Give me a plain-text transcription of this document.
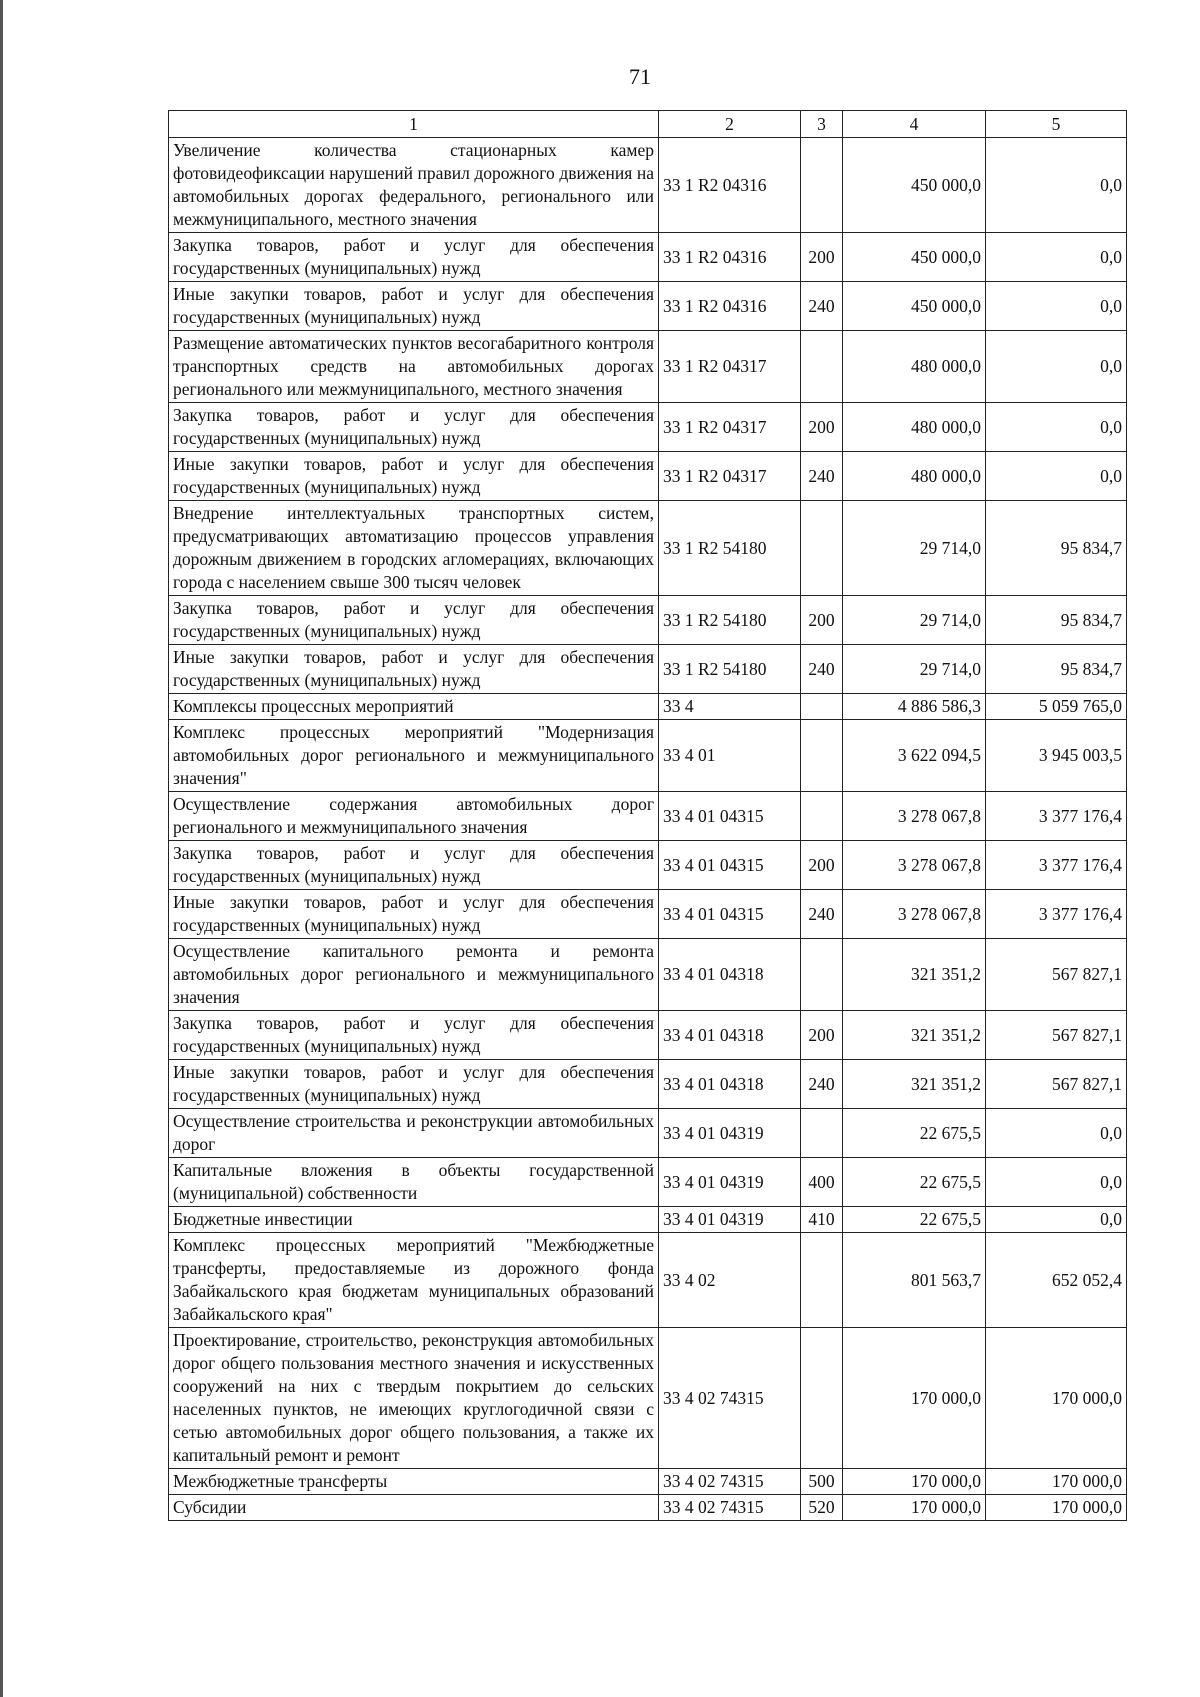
71
1	2	3	4	5
Увеличение количества стационарных камер фотовидеофиксации нарушений правил дорожного движения на автомобильных дорогах федерального, регионального или межмуниципального, местного значения	33 1 R2 04316		450 000,0	0,0
Закупка товаров, работ и услуг для обеспечения государственных (муниципальных) нужд	33 1 R2 04316	200	450 000,0	0,0
Иные закупки товаров, работ и услуг для обеспечения государственных (муниципальных) нужд	33 1 R2 04316	240	450 000,0	0,0
Размещение автоматических пунктов весогабаритного контроля транспортных средств на автомобильных дорогах регионального или межмуниципального, местного значения	33 1 R2 04317		480 000,0	0,0
Закупка товаров, работ и услуг для обеспечения государственных (муниципальных) нужд	33 1 R2 04317	200	480 000,0	0,0
Иные закупки товаров, работ и услуг для обеспечения государственных (муниципальных) нужд	33 1 R2 04317	240	480 000,0	0,0
Внедрение интеллектуальных транспортных систем, предусматривающих автоматизацию процессов управления дорожным движением в городских агломерациях, включающих города с населением свыше 300 тысяч человек	33 1 R2 54180		29 714,0	95 834,7
Закупка товаров, работ и услуг для обеспечения государственных (муниципальных) нужд	33 1 R2 54180	200	29 714,0	95 834,7
Иные закупки товаров, работ и услуг для обеспечения государственных (муниципальных) нужд	33 1 R2 54180	240	29 714,0	95 834,7
Комплексы процессных мероприятий	33 4		4 886 586,3	5 059 765,0
Комплекс процессных мероприятий "Модернизация автомобильных дорог регионального и межмуниципального значения"	33 4 01		3 622 094,5	3 945 003,5
Осуществление содержания автомобильных дорог регионального и межмуниципального значения	33 4 01 04315		3 278 067,8	3 377 176,4
Закупка товаров, работ и услуг для обеспечения государственных (муниципальных) нужд	33 4 01 04315	200	3 278 067,8	3 377 176,4
Иные закупки товаров, работ и услуг для обеспечения государственных (муниципальных) нужд	33 4 01 04315	240	3 278 067,8	3 377 176,4
Осуществление капитального ремонта и ремонта автомобильных дорог регионального и межмуниципального значения	33 4 01 04318		321 351,2	567 827,1
Закупка товаров, работ и услуг для обеспечения государственных (муниципальных) нужд	33 4 01 04318	200	321 351,2	567 827,1
Иные закупки товаров, работ и услуг для обеспечения государственных (муниципальных) нужд	33 4 01 04318	240	321 351,2	567 827,1
Осуществление строительства и реконструкции автомобильных дорог	33 4 01 04319		22 675,5	0,0
Капитальные вложения в объекты государственной (муниципальной) собственности	33 4 01 04319	400	22 675,5	0,0
Бюджетные инвестиции	33 4 01 04319	410	22 675,5	0,0
Комплекс процессных мероприятий "Межбюджетные трансферты, предоставляемые из дорожного фонда Забайкальского края бюджетам муниципальных образований Забайкальского края"	33 4 02		801 563,7	652 052,4
Проектирование, строительство, реконструкция автомобильных дорог общего пользования местного значения и искусственных сооружений на них с твердым покрытием до сельских населенных пунктов, не имеющих круглогодичной связи с сетью автомобильных дорог общего пользования, а также их капитальный ремонт и ремонт	33 4 02 74315		170 000,0	170 000,0
Межбюджетные трансферты	33 4 02 74315	500	170 000,0	170 000,0
Субсидии	33 4 02 74315	520	170 000,0	170 000,0
